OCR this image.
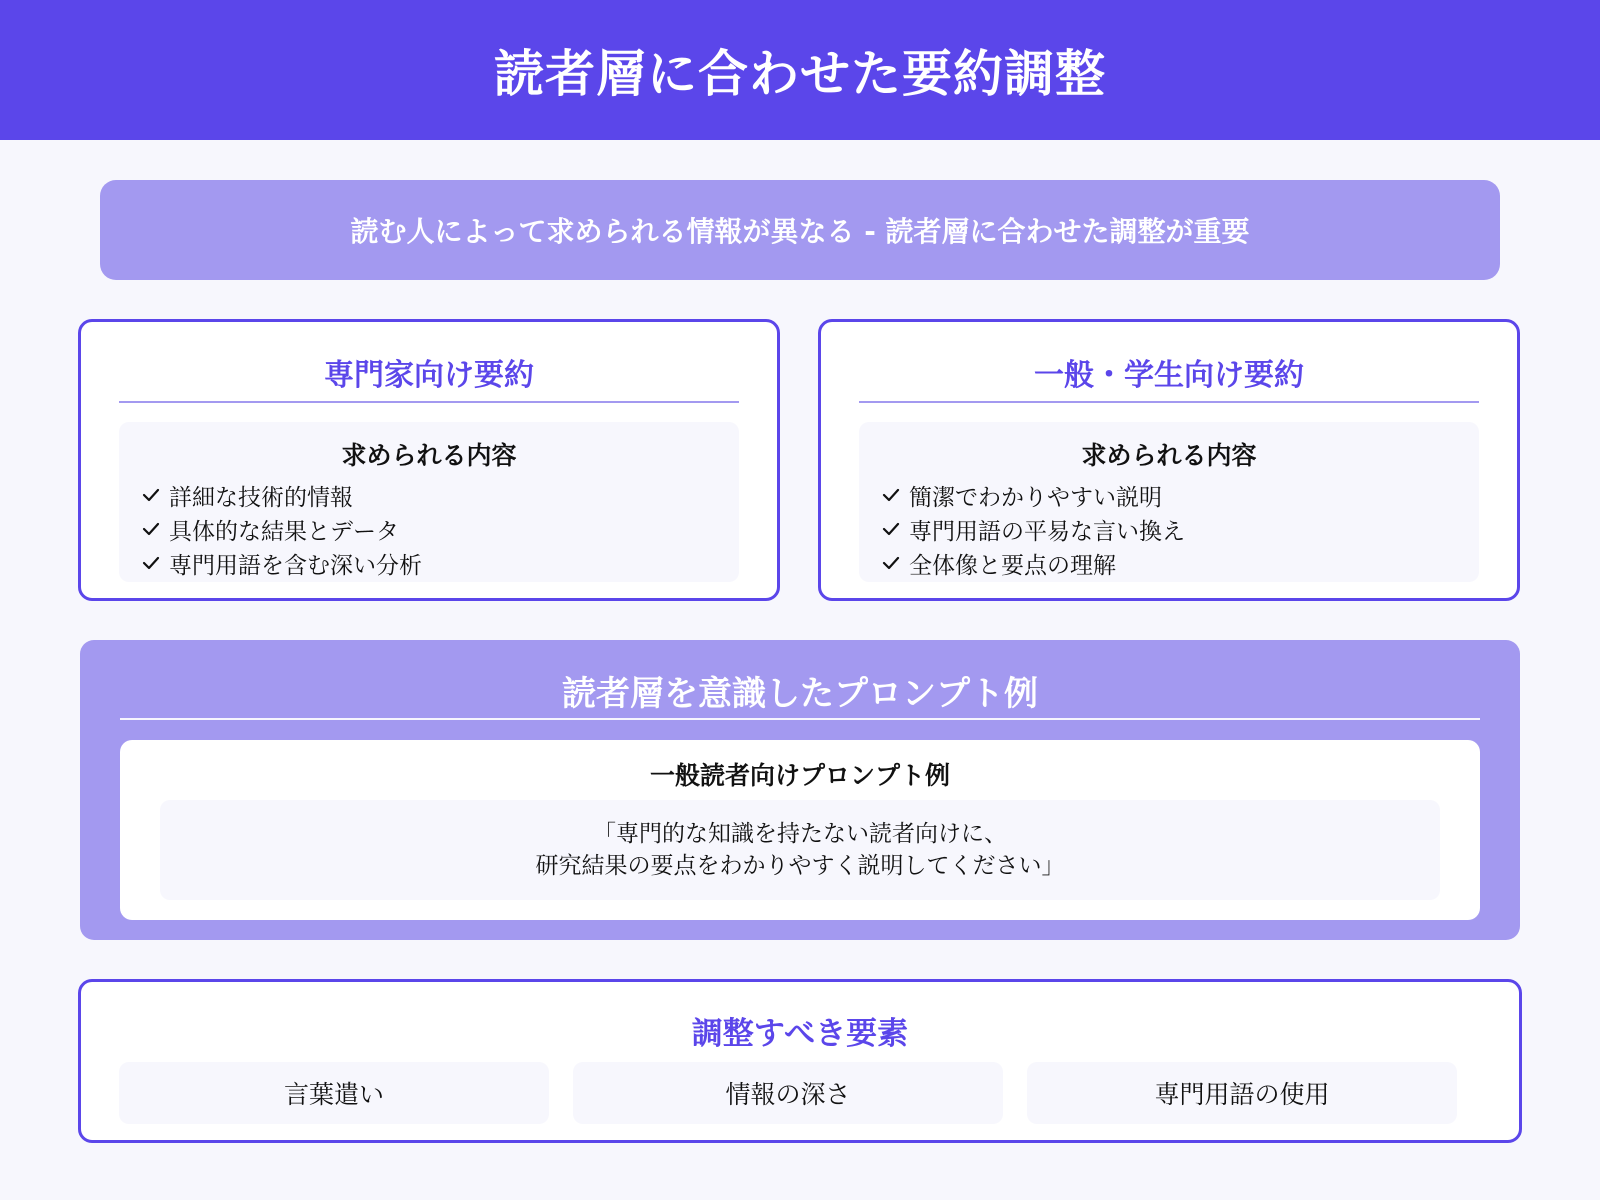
読者層に合わせた要約調整
読む人によって求められる情報が異なる - 読者層に合わせた調整が重要
専門家向け要約
求められる内容
詳細な技術的情報
具体的な結果とデータ
専門用語を含む深い分析
一般・学生向け要約
求められる内容
簡潔でわかりやすい説明
専門用語の平易な言い換え
全体像と要点の理解
読者層を意識したプロンプト例
一般読者向けプロンプト例
「専門的な知識を持たない読者向けに、
研究結果の要点をわかりやすく説明してください」
調整すべき要素
言葉遣い	情報の深さ	専門用語の使用
